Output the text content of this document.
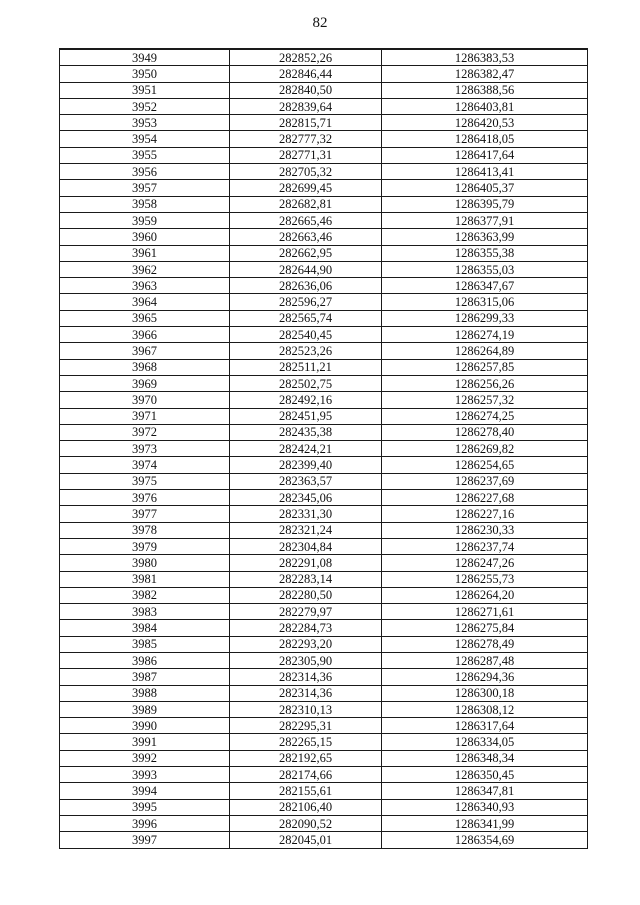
82
3949	282852,26	1286383,53
3950	282846,44	1286382,47
3951	282840,50	1286388,56
3952	282839,64	1286403,81
3953	282815,71	1286420,53
3954	282777,32	1286418,05
3955	282771,31	1286417,64
3956	282705,32	1286413,41
3957	282699,45	1286405,37
3958	282682,81	1286395,79
3959	282665,46	1286377,91
3960	282663,46	1286363,99
3961	282662,95	1286355,38
3962	282644,90	1286355,03
3963	282636,06	1286347,67
3964	282596,27	1286315,06
3965	282565,74	1286299,33
3966	282540,45	1286274,19
3967	282523,26	1286264,89
3968	282511,21	1286257,85
3969	282502,75	1286256,26
3970	282492,16	1286257,32
3971	282451,95	1286274,25
3972	282435,38	1286278,40
3973	282424,21	1286269,82
3974	282399,40	1286254,65
3975	282363,57	1286237,69
3976	282345,06	1286227,68
3977	282331,30	1286227,16
3978	282321,24	1286230,33
3979	282304,84	1286237,74
3980	282291,08	1286247,26
3981	282283,14	1286255,73
3982	282280,50	1286264,20
3983	282279,97	1286271,61
3984	282284,73	1286275,84
3985	282293,20	1286278,49
3986	282305,90	1286287,48
3987	282314,36	1286294,36
3988	282314,36	1286300,18
3989	282310,13	1286308,12
3990	282295,31	1286317,64
3991	282265,15	1286334,05
3992	282192,65	1286348,34
3993	282174,66	1286350,45
3994	282155,61	1286347,81
3995	282106,40	1286340,93
3996	282090,52	1286341,99
3997	282045,01	1286354,69
